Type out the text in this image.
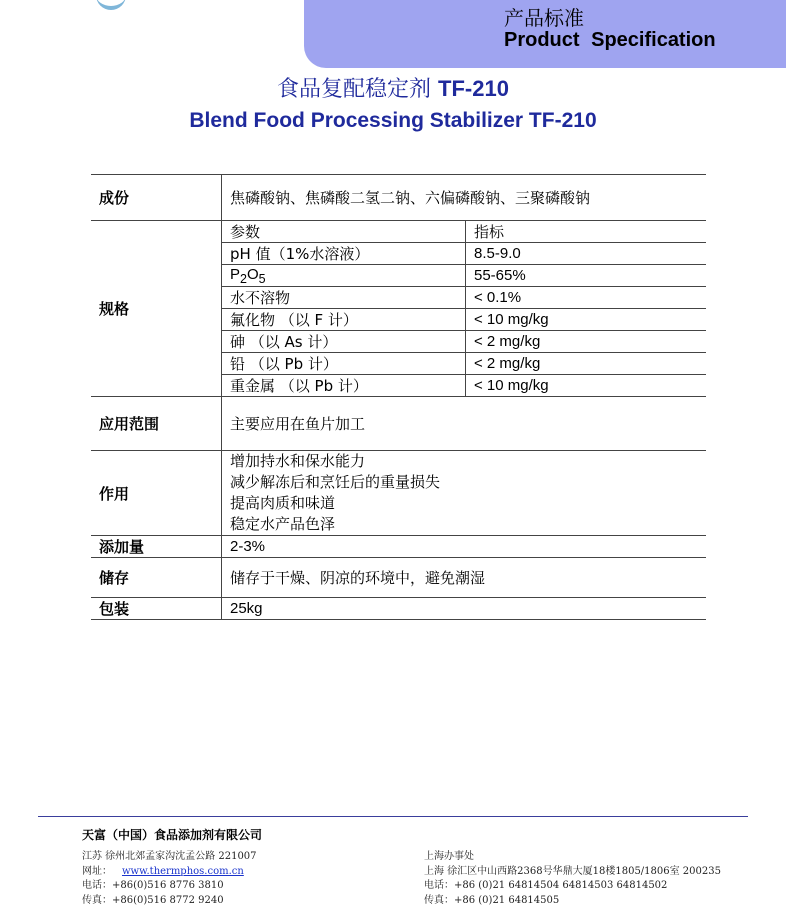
产品标准
Product Specification
食品复配稳定剂 TF-210
Blend Food Processing Stabilizer TF-210
成份	焦磷酸钠、焦磷酸二氢二钠、六偏磷酸钠、三聚磷酸钠
规格	
参数	指标
pH 值（1%水溶液）	8.5-9.0
$P_2O_5$	55-65%
水不溶物	< 0.1%
氟化物 （以 F 计）	< 10 mg/kg
砷 （以 As 计）	< 2 mg/kg
铅 （以 Pb 计）	< 2 mg/kg
重金属 （以 Pb 计）	< 10 mg/kg

应用范围	主要应用在鱼片加工
作用	
增加持水和保水能力
减少解冻后和烹饪后的重量损失
提高肉质和味道
稳定水产品色泽

添加量	2-3%
储存	储存于干燥、阴凉的环境中，避免潮湿
包装	25kg
天富（中国）食品添加剂有限公司
江苏 徐州北郊孟家沟沈孟公路 221007
网址： www.thermphos.com.cn
电话：+86(0)516 8776 3810
传真：+86(0)516 8772 9240
上海办事处
上海 徐汇区中山西路2368号华鼎大厦18楼1805/1806室 200235
电话：+86 (0)21 64814504 64814503 64814502
传真：+86 (0)21 64814505
